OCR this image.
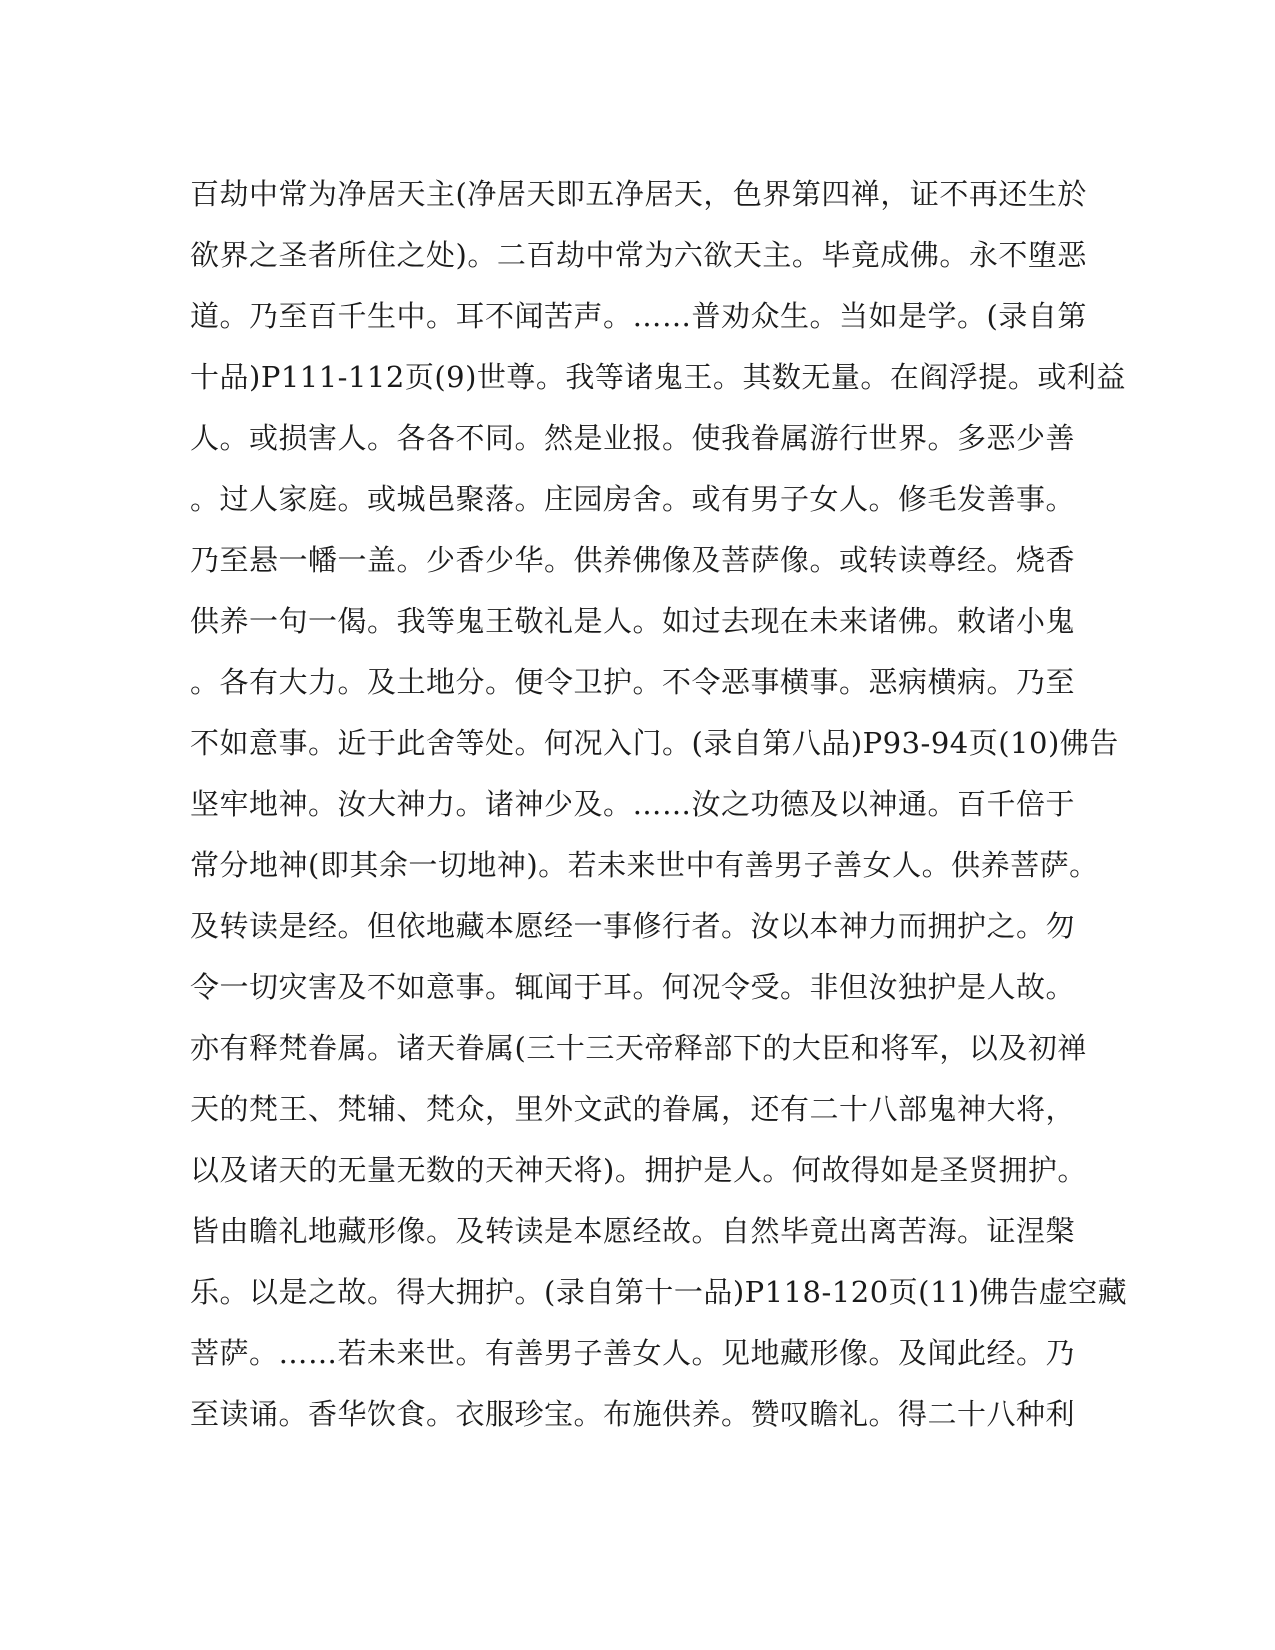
百劫中常为净居天主(净居天即五净居天，色界第四禅，证不再还生於
欲界之圣者所住之处)。二百劫中常为六欲天主。毕竟成佛。永不堕恶
道。乃至百千生中。耳不闻苦声。……普劝众生。当如是学。(录自第
十品)P111-112页(9)世尊。我等诸鬼王。其数无量。在阎浮提。或利益
人。或损害人。各各不同。然是业报。使我眷属游行世界。多恶少善
。过人家庭。或城邑聚落。庄园房舍。或有男子女人。修毛发善事。
乃至悬一幡一盖。少香少华。供养佛像及菩萨像。或转读尊经。烧香
供养一句一偈。我等鬼王敬礼是人。如过去现在未来诸佛。敕诸小鬼
。各有大力。及土地分。便令卫护。不令恶事横事。恶病横病。乃至
不如意事。近于此舍等处。何况入门。(录自第八品)P93-94页(10)佛告
坚牢地神。汝大神力。诸神少及。……汝之功德及以神通。百千倍于
常分地神(即其余一切地神)。若未来世中有善男子善女人。供养菩萨。
及转读是经。但依地藏本愿经一事修行者。汝以本神力而拥护之。勿
令一切灾害及不如意事。辄闻于耳。何况令受。非但汝独护是人故。
亦有释梵眷属。诸天眷属(三十三天帝释部下的大臣和将军，以及初禅
天的梵王、梵辅、梵众，里外文武的眷属，还有二十八部鬼神大将，
以及诸天的无量无数的天神天将)。拥护是人。何故得如是圣贤拥护。
皆由瞻礼地藏形像。及转读是本愿经故。自然毕竟出离苦海。证涅槃
乐。以是之故。得大拥护。(录自第十一品)P118-120页(11)佛告虚空藏
菩萨。……若未来世。有善男子善女人。见地藏形像。及闻此经。乃
至读诵。香华饮食。衣服珍宝。布施供养。赞叹瞻礼。得二十八种利
